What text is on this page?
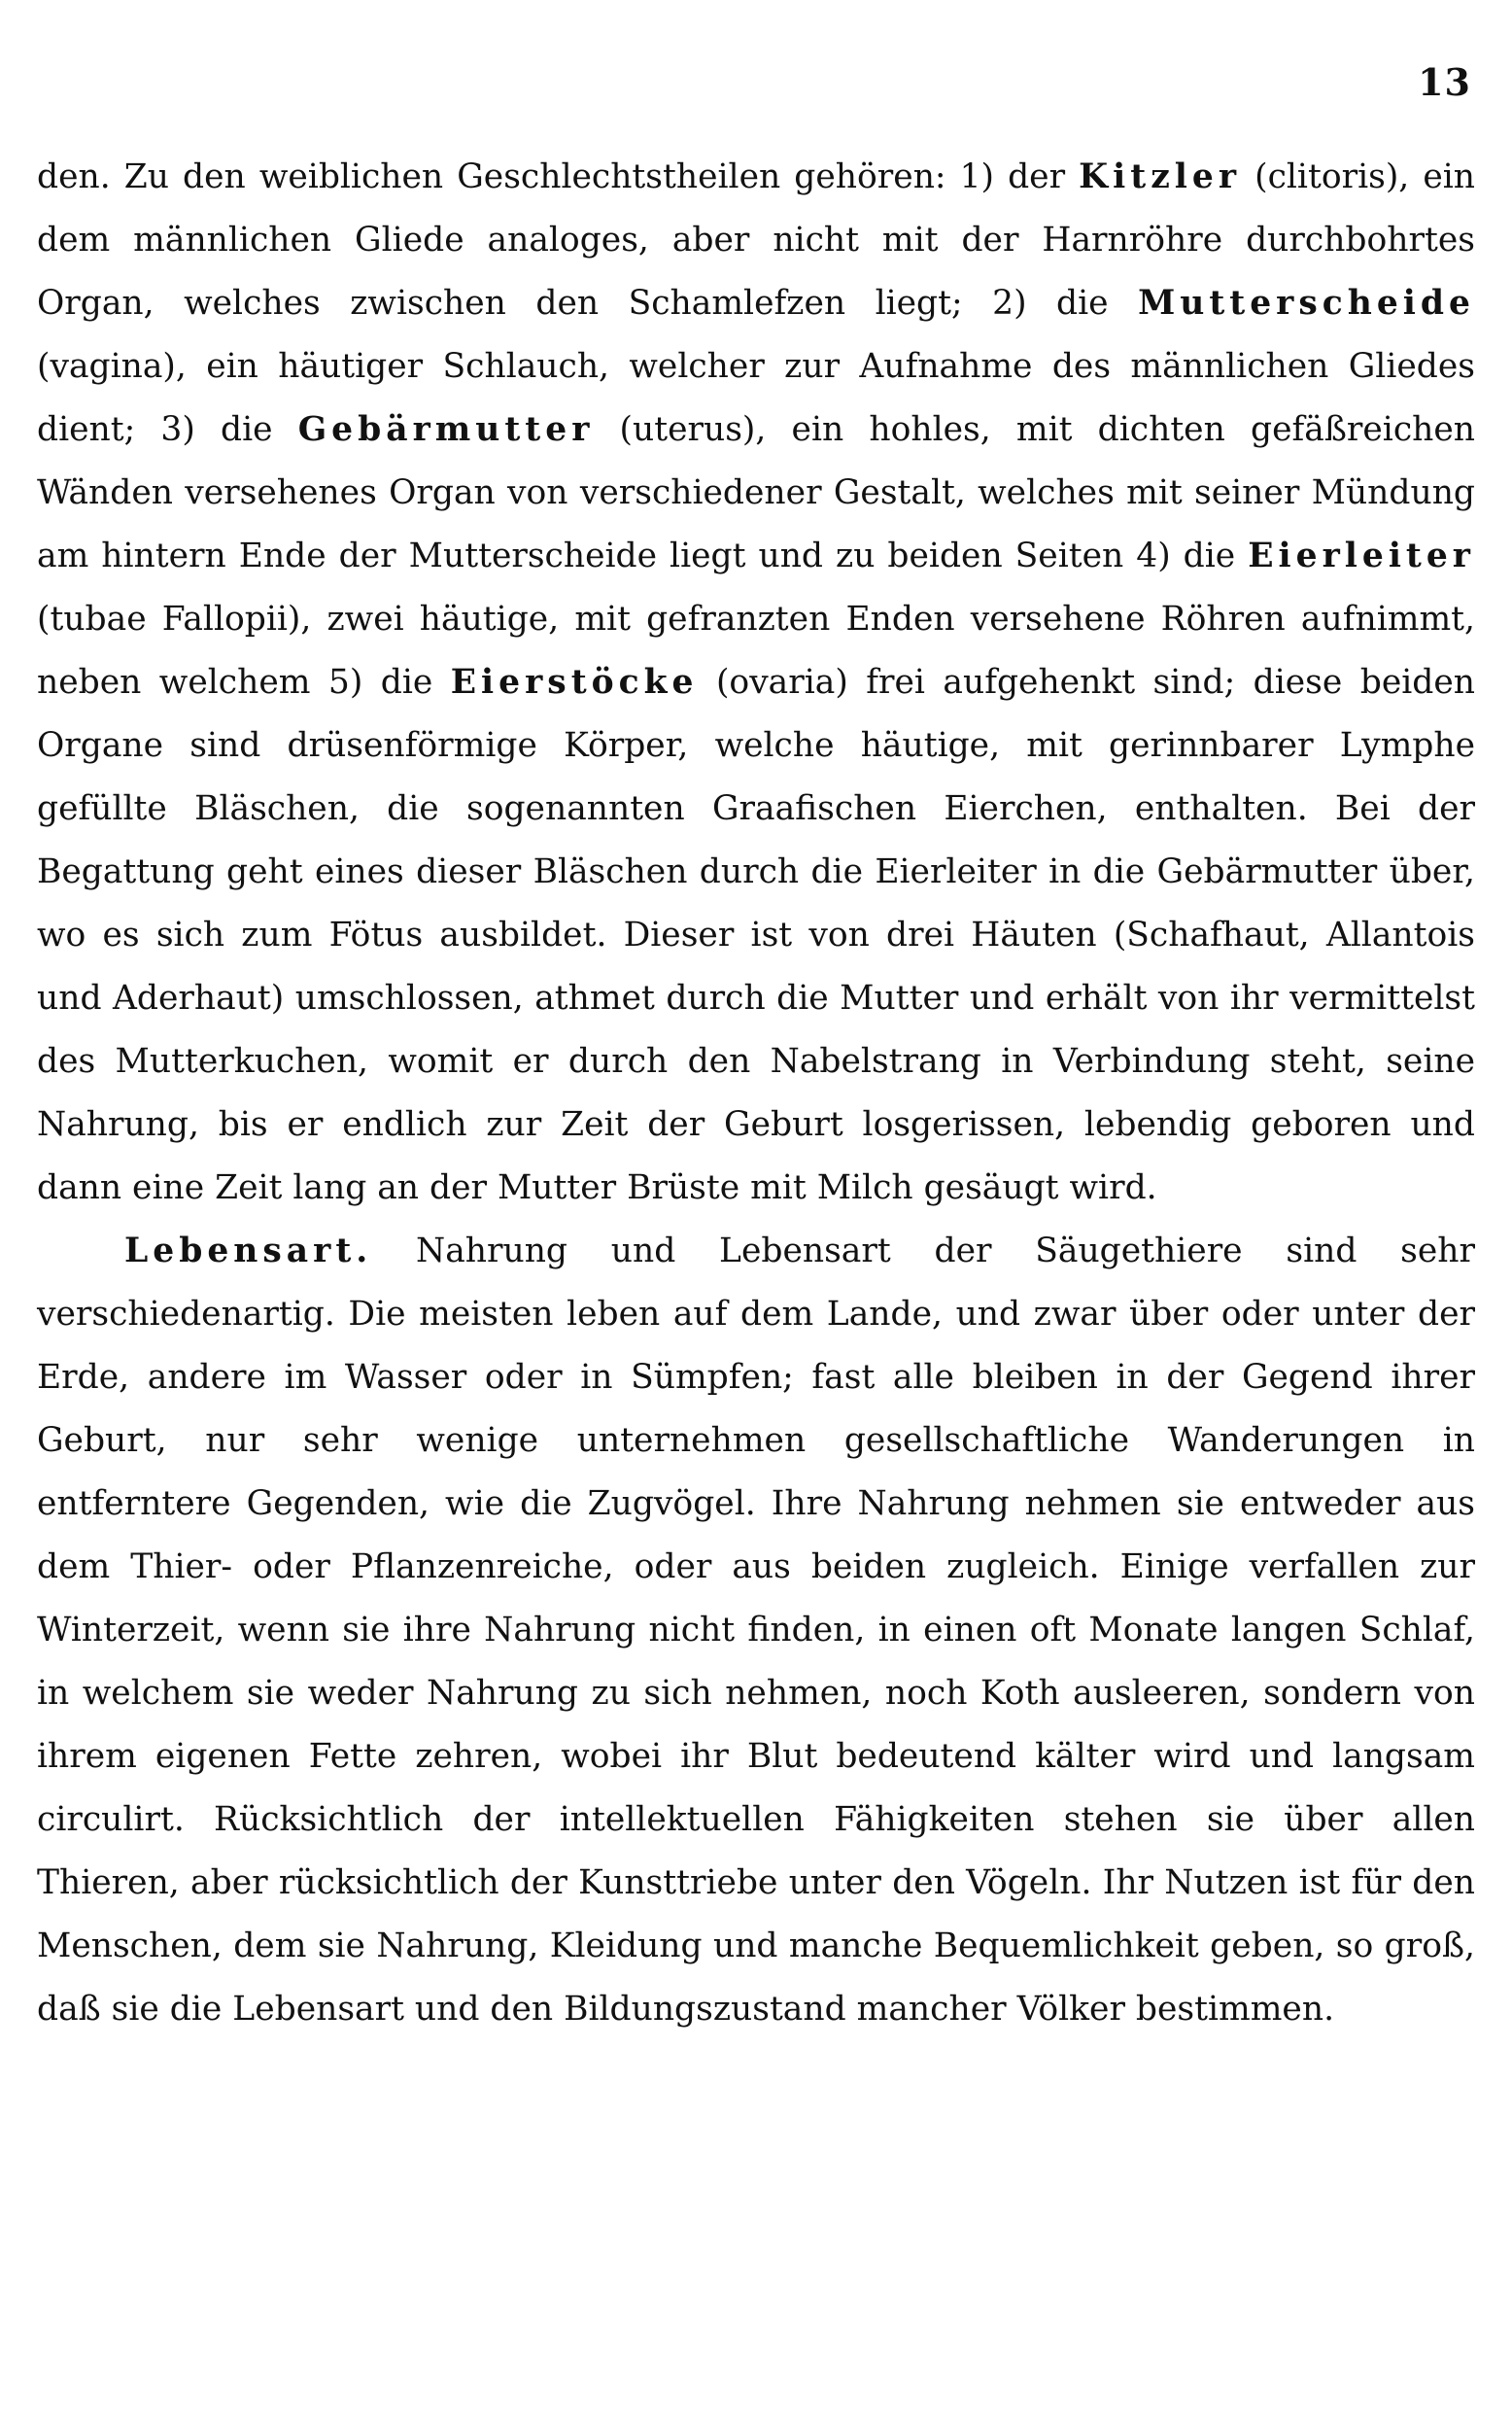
13

den. Zu den weiblichen Geschlechtstheilen gehören: 1) der Kitzler (clitoris), ein dem männlichen Gliede analoges, aber nicht mit der Harnröhre durchbohrtes Organ, welches zwischen den Schamlefzen liegt; 2) die Mutterscheide (vagina), ein häutiger Schlauch, welcher zur Aufnahme des männlichen Gliedes dient; 3) die Gebärmutter (uterus), ein hohles, mit dichten gefäßreichen Wänden versehenes Organ von verschiedener Gestalt, welches mit seiner Mündung am hintern Ende der Mutterscheide liegt und zu beiden Seiten 4) die Eierleiter (tubae Fallopii), zwei häutige, mit gefranzten Enden versehene Röhren aufnimmt, neben welchem 5) die Eierstöcke (ovaria) frei aufgehenkt sind; diese beiden Organe sind drüsenförmige Körper, welche häutige, mit gerinnbarer Lymphe gefüllte Bläschen, die sogenannten Graafischen Eierchen, enthalten. Bei der Begattung geht eines dieser Bläschen durch die Eierleiter in die Gebärmutter über, wo es sich zum Fötus ausbildet. Dieser ist von drei Häuten (Schafhaut, Allantois und Aderhaut) umschlossen, athmet durch die Mutter und erhält von ihr vermittelst des Mutterkuchen, womit er durch den Nabelstrang in Verbindung steht, seine Nahrung, bis er endlich zur Zeit der Geburt losgerissen, lebendig geboren und dann eine Zeit lang an der Mutter Brüste mit Milch gesäugt wird.

Lebensart. Nahrung und Lebensart der Säugethiere sind sehr verschiedenartig. Die meisten leben auf dem Lande, und zwar über oder unter der Erde, andere im Wasser oder in Sümpfen; fast alle bleiben in der Gegend ihrer Geburt, nur sehr wenige unternehmen gesellschaftliche Wanderungen in entferntere Gegenden, wie die Zugvögel. Ihre Nahrung nehmen sie entweder aus dem Thier- oder Pflanzenreiche, oder aus beiden zugleich. Einige verfallen zur Winterzeit, wenn sie ihre Nahrung nicht finden, in einen oft Monate langen Schlaf, in welchem sie weder Nahrung zu sich nehmen, noch Koth ausleeren, sondern von ihrem eigenen Fette zehren, wobei ihr Blut bedeutend kälter wird und langsam circulirt. Rücksichtlich der intellektuellen Fähigkeiten stehen sie über allen Thieren, aber rücksichtlich der Kunsttriebe unter den Vögeln. Ihr Nutzen ist für den Menschen, dem sie Nahrung, Kleidung und manche Bequemlichkeit geben, so groß, daß sie die Lebensart und den Bildungszustand mancher Völker bestimmen.
